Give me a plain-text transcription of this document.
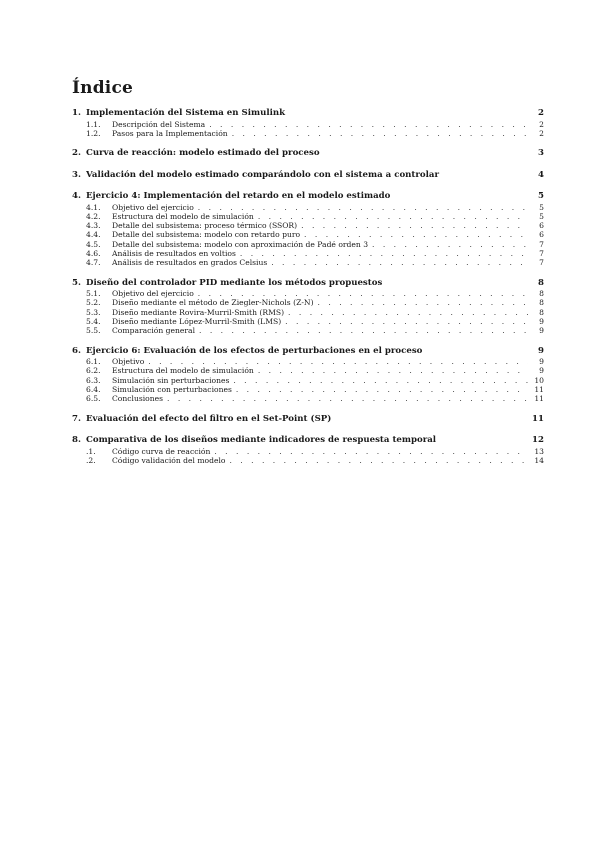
Índice
1. Implementación del Sistema en Simulink	2
1.1.	Descripción del Sistema . . .	2
1.2.	Pasos para la Implementación . . .	2
2. Curva de reacción: modelo estimado del proceso	3
3. Validación del modelo estimado comparándolo con el sistema a controlar	4
4. Ejercicio 4: Implementación del retardo en el modelo estimado	5
4.1.	Objetivo del ejercicio . . .	5
4.2.	Estructura del modelo de simulación . . .	5
4.3.	Detalle del subsistema: proceso térmico (SSOR) . . .	6
4.4.	Detalle del subsistema: modelo con retardo puro . . .	6
4.5.	Detalle del subsistema: modelo con aproximación de Padé orden 3 . . .	7
4.6.	Análisis de resultados en voltios . . .	7
4.7.	Análisis de resultados en grados Celsius . . .	7
5. Diseño del controlador PID mediante los métodos propuestos	8
5.1.	Objetivo del ejercicio . . .	8
5.2.	Diseño mediante el método de Ziegler-Nichols (Z-N) . . .	8
5.3.	Diseño mediante Rovira-Murril-Smith (RMS) . . .	8
5.4.	Diseño mediante López-Murril-Smith (LMS) . . .	9
5.5.	Comparación general . . .	9
6. Ejercicio 6: Evaluación de los efectos de perturbaciones en el proceso	9
6.1.	Objetivo . . .	9
6.2.	Estructura del modelo de simulación . . .	9
6.3.	Simulación sin perturbaciones . . .	10
6.4.	Simulación con perturbaciones . . .	11
6.5.	Conclusiones . . .	11
7. Evaluación del efecto del filtro en el Set-Point (SP)	11
8. Comparativa de los diseños mediante indicadores de respuesta temporal	12
.1.	Código curva de reacción . . .	13
.2.	Código validación del modelo . . .	14
